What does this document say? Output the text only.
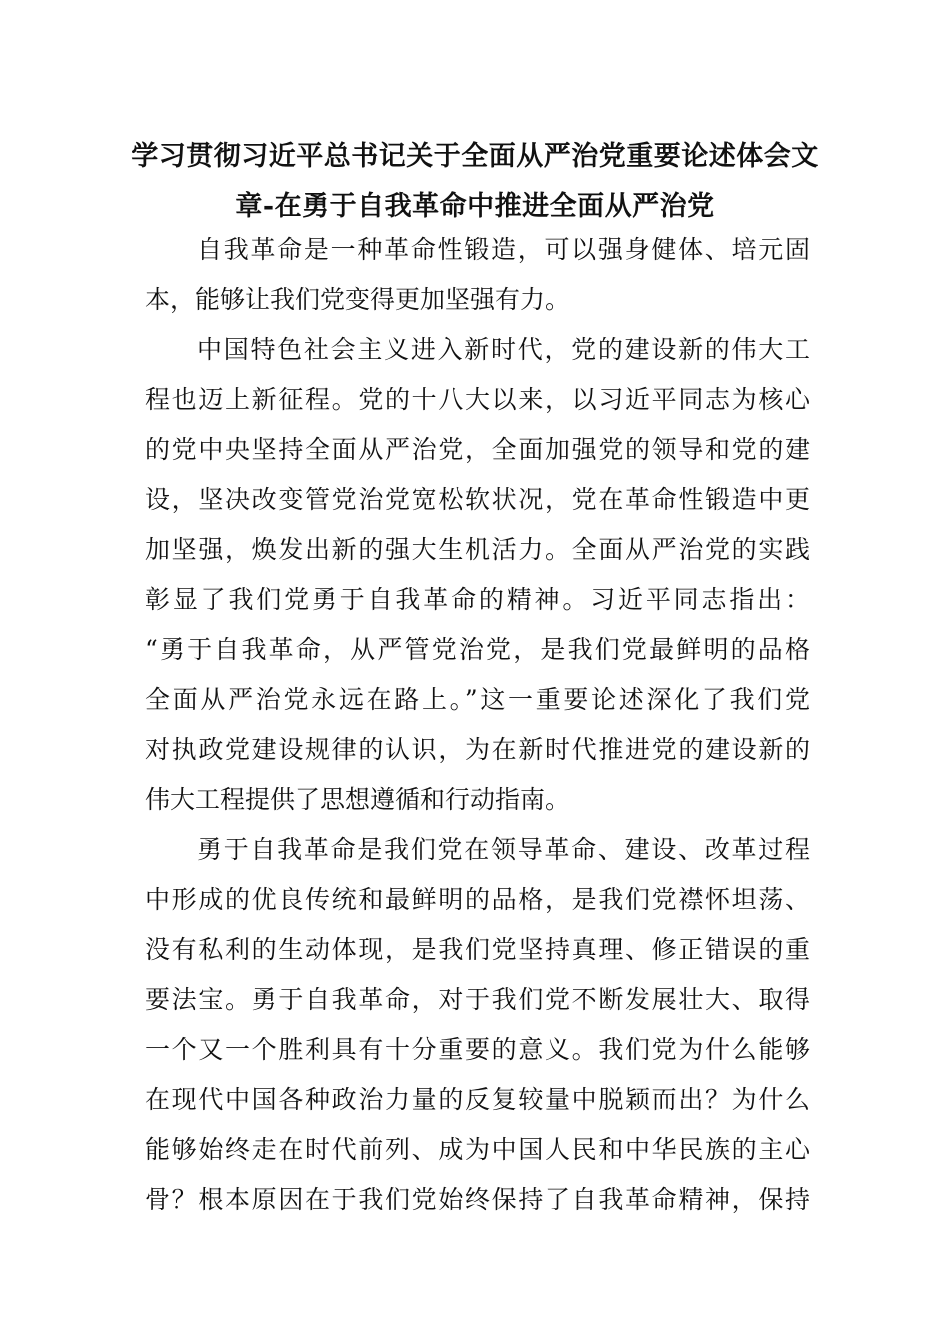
学习贯彻习近平总书记关于全面从严治党重要论述体会文
章-在勇于自我革命中推进全面从严治党
自我革命是一种革命性锻造，可以强身健体、培元固
本，能够让我们党变得更加坚强有力。
中国特色社会主义进入新时代，党的建设新的伟大工
程也迈上新征程。党的十八大以来，以习近平同志为核心
的党中央坚持全面从严治党，全面加强党的领导和党的建
设，坚决改变管党治党宽松软状况，党在革命性锻造中更
加坚强，焕发出新的强大生机活力。全面从严治党的实践
彰显了我们党勇于自我革命的精神。习近平同志指出：
“勇于自我革命，从严管党治党，是我们党最鲜明的品格
全面从严治党永远在路上。”这一重要论述深化了我们党
对执政党建设规律的认识，为在新时代推进党的建设新的
伟大工程提供了思想遵循和行动指南。
勇于自我革命是我们党在领导革命、建设、改革过程
中形成的优良传统和最鲜明的品格，是我们党襟怀坦荡、
没有私利的生动体现，是我们党坚持真理、修正错误的重
要法宝。勇于自我革命，对于我们党不断发展壮大、取得
一个又一个胜利具有十分重要的意义。我们党为什么能够
在现代中国各种政治力量的反复较量中脱颖而出？为什么
能够始终走在时代前列、成为中国人民和中华民族的主心
骨？根本原因在于我们党始终保持了自我革命精神，保持
